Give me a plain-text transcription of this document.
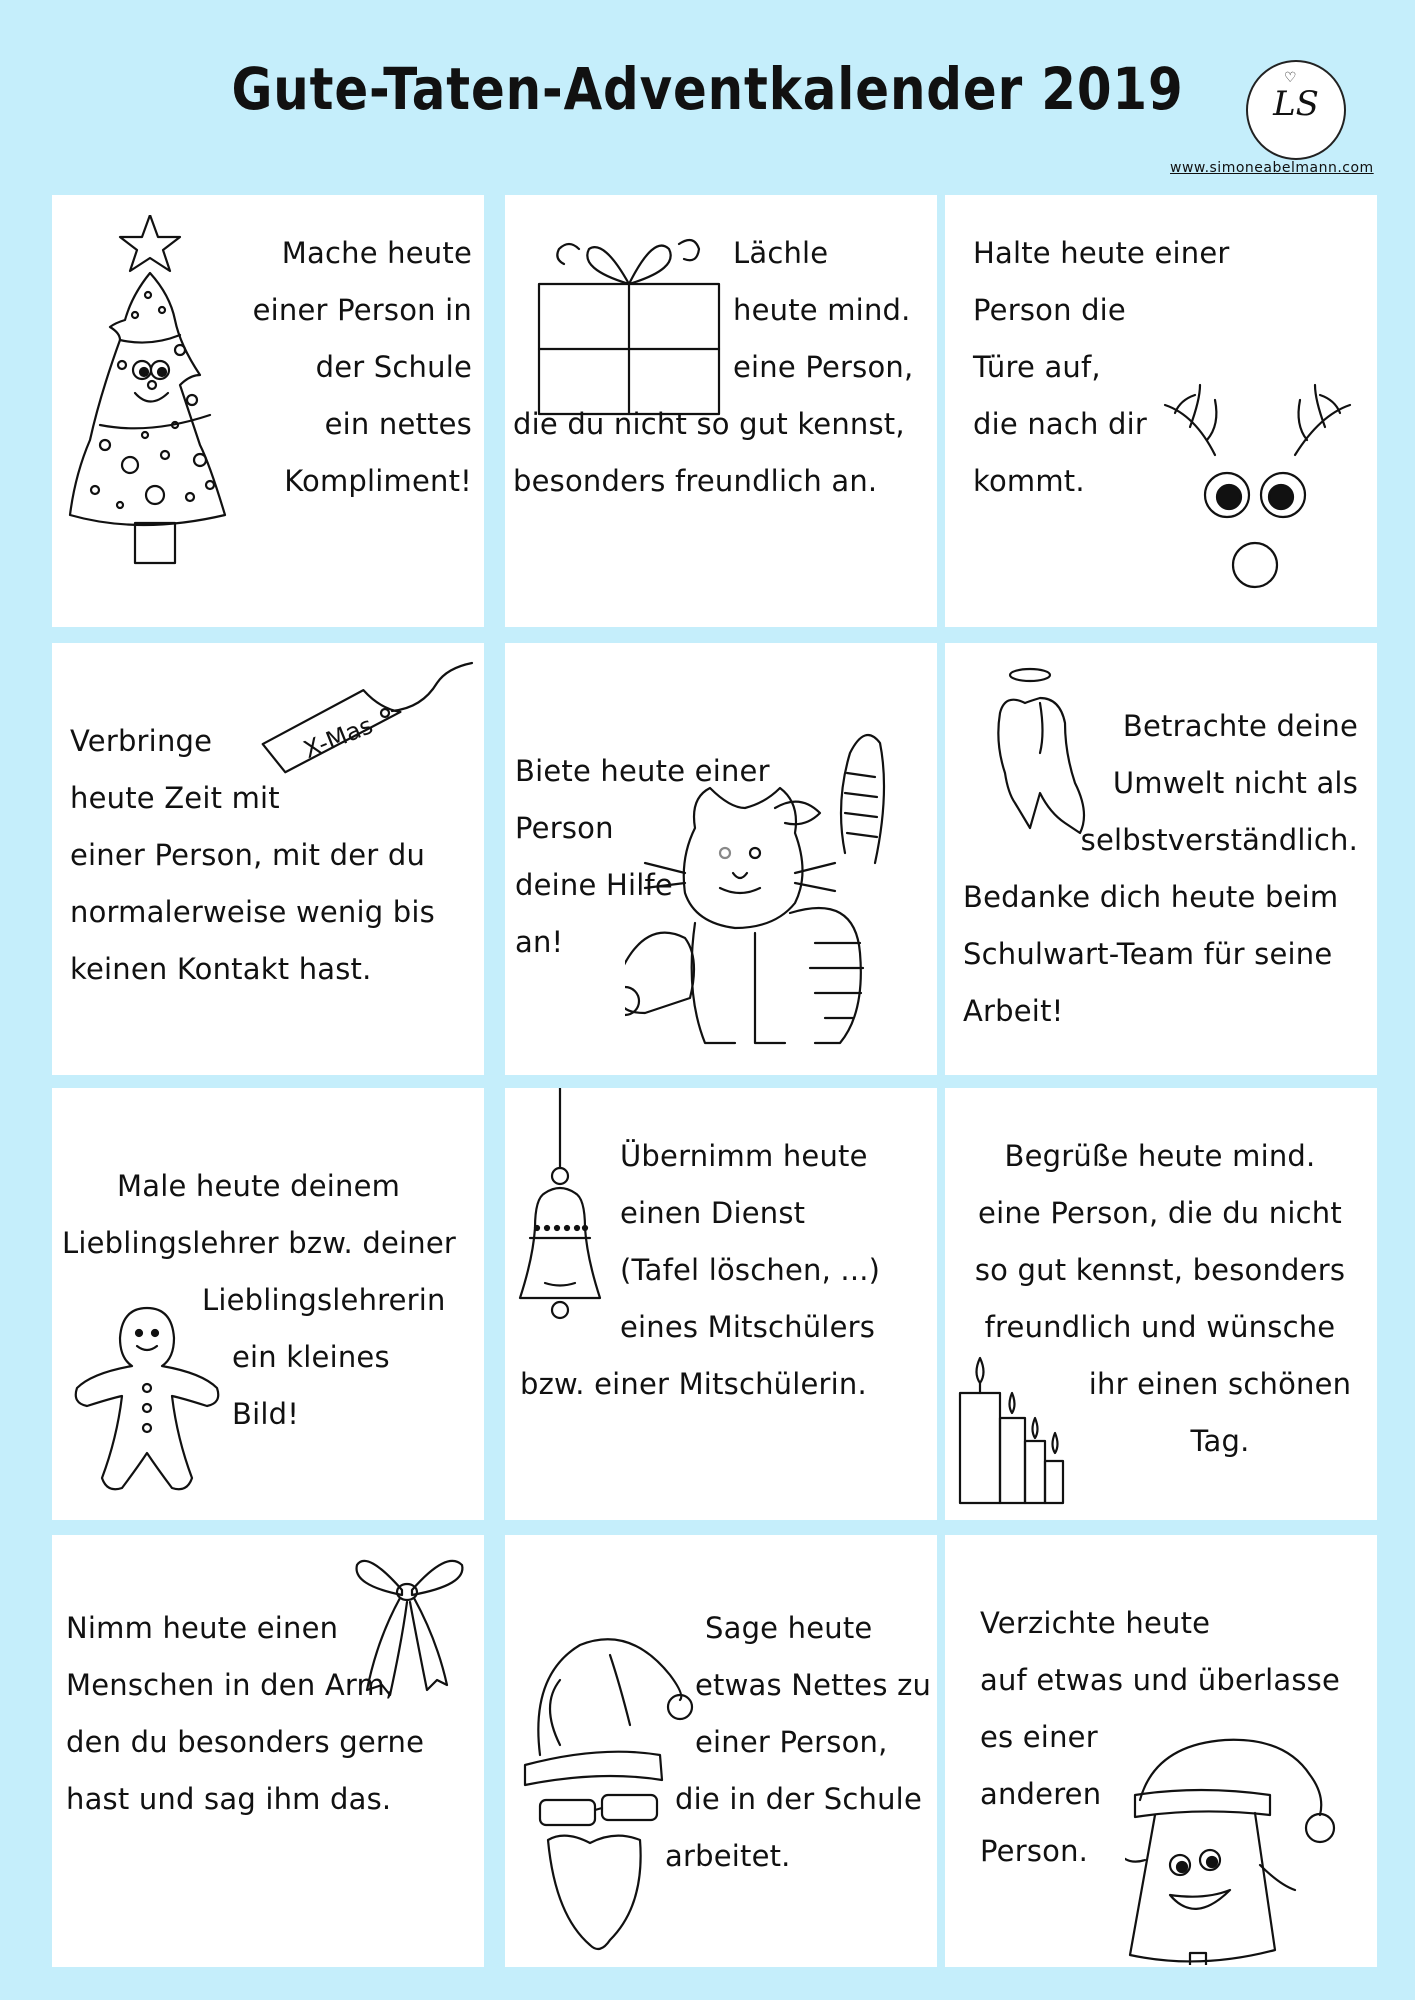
Gute-Taten-Adventkalender 2019	♡
LS
www.simoneabelmann.com
Mache heute
einer Person in
der Schule
ein nettes
Kompliment!
Lächle
heute mind.
eine Person,
die du nicht so gut kennst,
besonders freundlich an.
Halte heute einer
Person die
Türe auf,
die nach dir
kommt.
X-Mas
Verbringe
heute Zeit mit
einer Person, mit der du
normalerweise wenig bis
keinen Kontakt hast.
Biete heute einer
Person
deine Hilfe
an!
Betrachte deine
Umwelt nicht als
selbstverständlich.
Bedanke dich heute beim
Schulwart-Team für seine
Arbeit!
Male heute deinem
Lieblingslehrer bzw. deiner
Lieblingslehrerin
ein kleines
Bild!
Übernimm heute
einen Dienst
(Tafel löschen, ...)
eines Mitschülers
bzw. einer Mitschülerin.
Begrüße heute mind.
eine Person, die du nicht
so gut kennst, besonders
freundlich und wünsche
ihr einen schönen
Tag.
Nimm heute einen
Menschen in den Arm,
den du besonders gerne
hast und sag ihm das.
Sage heute
etwas Nettes zu
einer Person,
die in der Schule
arbeitet.
Verzichte heute
auf etwas und überlasse
es einer
anderen
Person.
